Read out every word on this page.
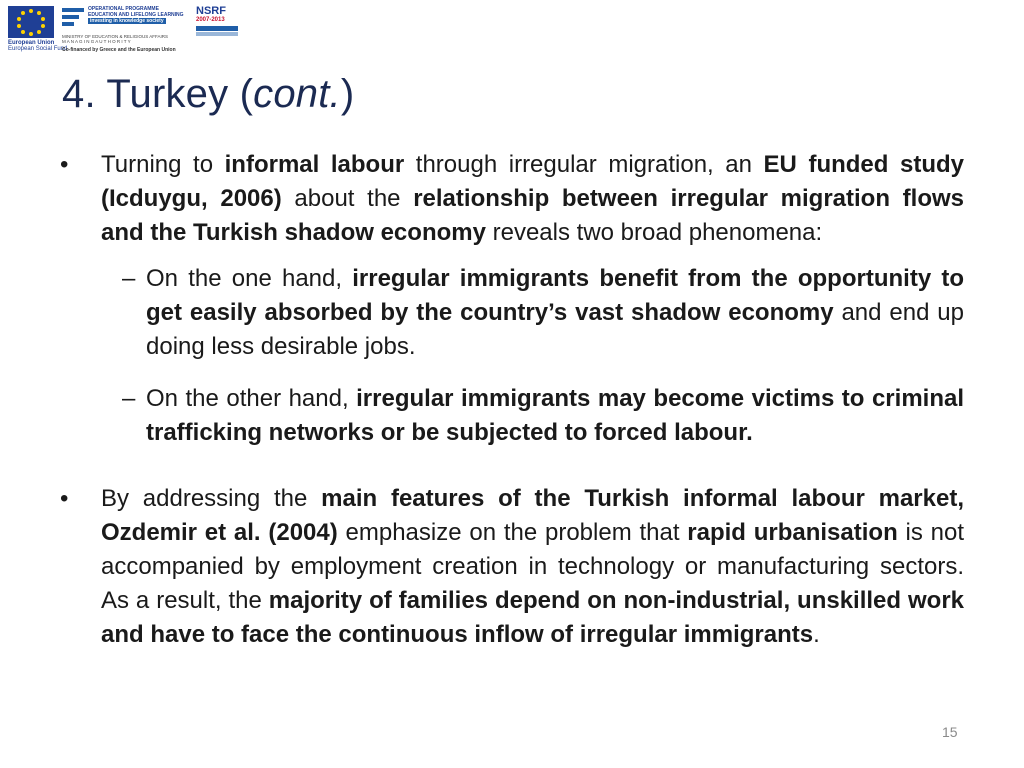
European Union
European Social Fund
OPERATIONAL PROGRAMME
EDUCATION AND LIFELONG LEARNING
investing in knowledge society
MINISTRY OF EDUCATION & RELIGIOUS AFFAIRS
M A N A G I N G A U T H O R I T Y
Co-financed by Greece and the European Union
NSRF
2007-2013
4. Turkey (cont.)
• Turning to informal labour through irregular migration, an EU funded study (Icduygu, 2006) about the relationship between irregular migration flows and the Turkish shadow economy reveals two broad phenomena:
– On the one hand, irregular immigrants benefit from the opportunity to get easily absorbed by the country’s vast shadow economy and end up doing less desirable jobs.
– On the other hand, irregular immigrants may become victims to criminal trafficking networks or be subjected to forced labour.
• By addressing the main features of the Turkish informal labour market, Ozdemir et al. (2004) emphasize on the problem that rapid urbanisation is not accompanied by employment creation in technology or manufacturing sectors. As a result, the majority of families depend on non-industrial, unskilled work and have to face the continuous inflow of irregular immigrants.
15
